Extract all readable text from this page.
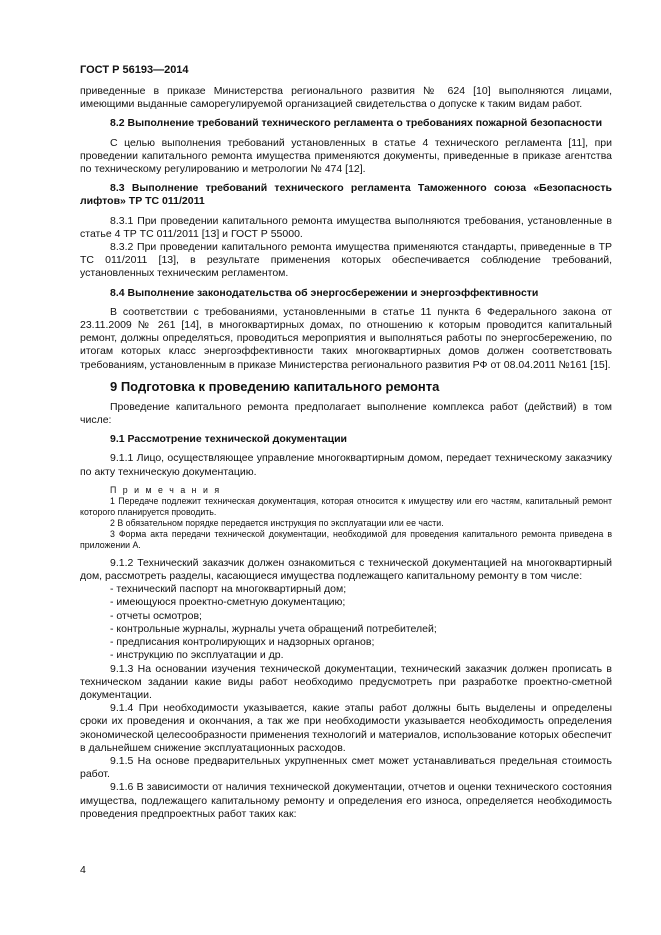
ГОСТ Р 56193—2014

приведенные в приказе Министерства регионального развития № 624 [10] выполняются лицами, имеющими выданные саморегулируемой организацией свидетельства о допуске к таким видам работ.

8.2 Выполнение требований технического регламента о требованиях пожарной безопасности

С целью выполнения требований установленных в статье 4 технического регламента [11], при проведении капитального ремонта имущества применяются документы, приведенные в приказе агентства по техническому регулированию и метрологии № 474 [12].

8.3 Выполнение требований технического регламента Таможенного союза «Безопасность лифтов» ТР ТС 011/2011

8.3.1 При проведении капитального ремонта имущества выполняются требования, установленные в статье 4 ТР ТС 011/2011 [13] и ГОСТ Р 55000.

8.3.2 При проведении капитального ремонта имущества применяются стандарты, приведенные в ТР ТС 011/2011 [13], в результате применения которых обеспечивается соблюдение требований, установленных техническим регламентом.

8.4 Выполнение законодательства об энергосбережении и энергоэффективности

В соответствии с требованиями, установленными в статье 11 пункта 6 Федерального закона от 23.11.2009 № 261 [14], в многоквартирных домах, по отношению к которым проводится капитальный ремонт, должны определяться, проводиться мероприятия и выполняться работы по энергосбережению, по итогам которых класс энергоэффективности таких многоквартирных домов должен соответствовать требованиям, установленным в приказе Министерства регионального развития РФ от 08.04.2011 №161 [15].

9 Подготовка к проведению капитального ремонта

Проведение капитального ремонта предполагает выполнение комплекса работ (действий) в том числе:

9.1 Рассмотрение технической документации

9.1.1 Лицо, осуществляющее управление многоквартирным домом, передает техническому заказчику по акту техническую документацию.

П р и м е ч а н и я

1 Передаче подлежит техническая документация, которая относится к имуществу или его частям, капитальный ремонт которого планируется проводить.

2 В обязательном порядке передается инструкция по эксплуатации или ее части.

3 Форма акта передачи технической документации, необходимой для проведения капитального ремонта приведена в приложении А.

9.1.2 Технический заказчик должен ознакомиться с технической документацией на многоквартирный дом, рассмотреть разделы, касающиеся имущества подлежащего капитальному ремонту в том числе:

- технический паспорт на многоквартирный дом;

- имеющуюся проектно-сметную документацию;

- отчеты осмотров;

- контрольные журналы, журналы учета обращений потребителей;

- предписания контролирующих и надзорных органов;

- инструкцию по эксплуатации и др.

9.1.3 На основании изучения технической документации, технический заказчик должен прописать в техническом задании какие виды работ необходимо предусмотреть при разработке проектно-сметной документации.

9.1.4 При необходимости указывается, какие этапы работ должны быть выделены и определены сроки их проведения и окончания, а так же при необходимости указывается необходимость определения экономической целесообразности применения технологий и материалов, использование которых обеспечит в дальнейшем снижение эксплуатационных расходов.

9.1.5 На основе предварительных укрупненных смет может устанавливаться предельная стоимость работ.

9.1.6 В зависимости от наличия технической документации, отчетов и оценки технического состояния имущества, подлежащего капитальному ремонту и определения его износа, определяется необходимость проведения предпроектных работ таких как:

4
